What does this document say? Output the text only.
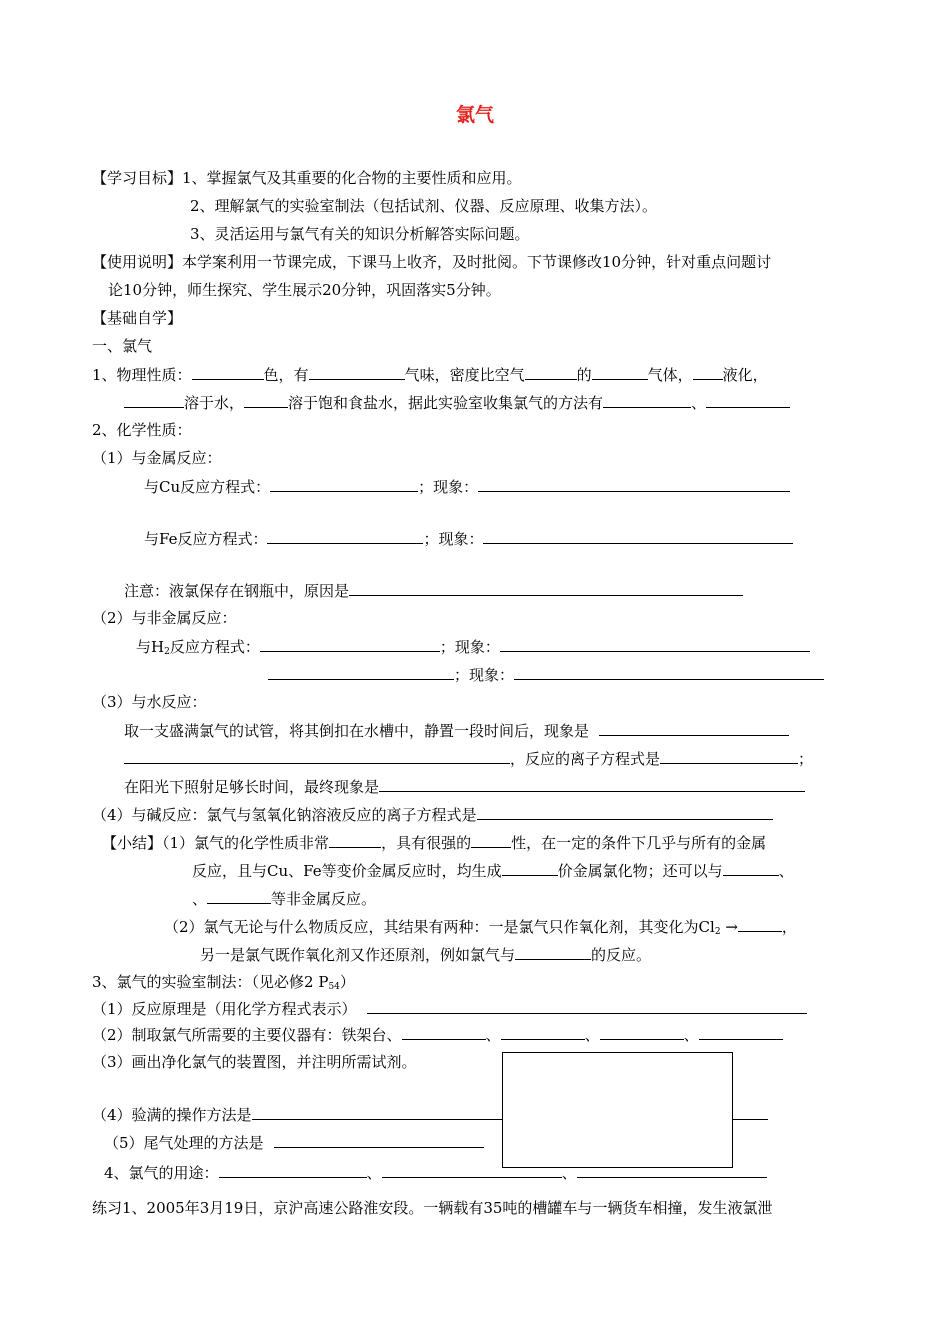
氯气
【学习目标】1、掌握氯气及其重要的化合物的主要性质和应用。
2、理解氯气的实验室制法（包括试剂、仪器、反应原理、收集方法）。
3、灵活运用与氯气有关的知识分析解答实际问题。
【使用说明】本学案利用一节课完成，下课马上收齐，及时批阅。下节课修改10分钟，针对重点问题讨
论10分钟，师生探究、学生展示20分钟，巩固落实5分钟。
【基础自学】
一、氯气
1、物理性质：	色，有	气味，密度比空气	的	气体， 液化，
溶于水，	溶于饱和食盐水，据此实验室收集氯气的方法有	、
2、化学性质：
（1）与金属反应：
与Cu反应方程式：	；现象：
与Fe反应方程式：	；现象：
注意：液氯保存在钢瓶中，原因是
（2）与非金属反应：
与$H_2$反应方程式：	；现象：
；现象：
（3）与水反应：
取一支盛满氯气的试管，将其倒扣在水槽中，静置一段时间后，现象是
，反应的离子方程式是	；
在阳光下照射足够长时间，最终现象是
（4）与碱反应：氯气与氢氧化钠溶液反应的离子方程式是
【小结】（1）氯气的化学性质非常	，具有很强的	性，在一定的条件下几乎与所有的金属
反应，且与Cu、Fe等变价金属反应时，均生成	价金属氯化物；还可以与	、
、	等非金属反应。
（2）氯气无论与什么物质反应，其结果有两种：一是氯气只作氧化剂，其变化为$Cl_2$ →	，
另一是氯气既作氧化剂又作还原剂，例如氯气与	的反应。
3、氯气的实验室制法：（见必修2 $P_{54}$）
（1）反应原理是（用化学方程式表示）
（2）制取氯气所需要的主要仪器有：铁架台、	、	、	、
（3）画出净化氯气的装置图，并注明所需试剂。
（4）验满的操作方法是
（5）尾气处理的方法是
4、氯气的用途：	、	、
练习1、2005年3月19日，京沪高速公路淮安段。一辆载有35吨的槽罐车与一辆货车相撞，发生液氯泄
